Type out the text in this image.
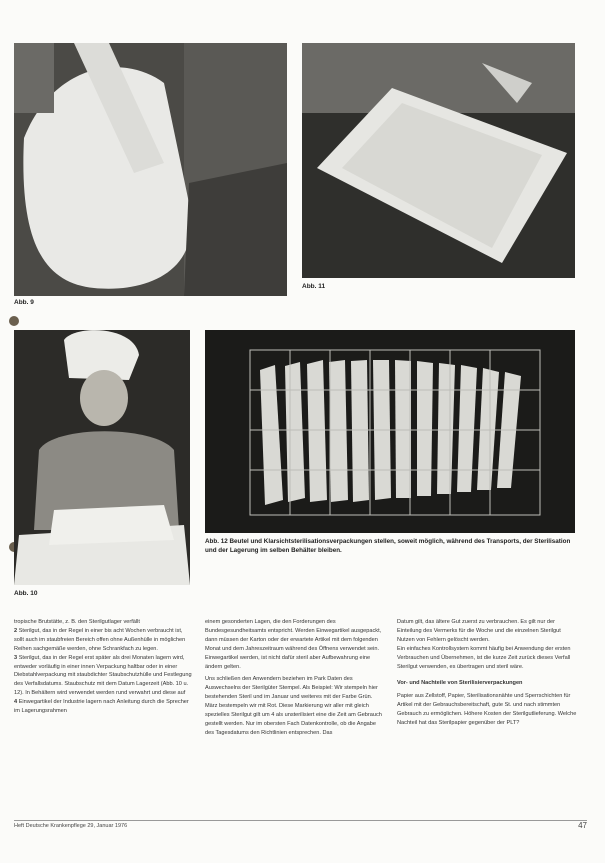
Abb. 9
Abb. 11
Abb. 10
Abb. 12 Beutel und Klarsichtsterilisationsverpackungen stellen, soweit möglich, während des Transports, der Sterilisation und der Lagerung im selben Behälter bleiben.

tropische Brutstätte, z. B. den Sterilgutlager verfällt

2 Sterilgut, das in der Regel in einer bis acht Wochen verbraucht ist, sollt auch im staubfreien Bereich offen ohne Außenhülle in möglichen Reihen sachgemäße werden, ohne Schrankfach zu legen.

3 Sterilgut, das in der Regel erst später als drei Monaten lagern wird, entweder vorläufig in einer innen Verpackung haltbar oder in einer Diebstahlverpackung mit staubdichter Staubschutzhülle und Festlegung des Verfallsdatums. Staubschutz mit dem Datum Lagerzeit (Abb. 10 u. 12). In Behältern wird verwendet werden rund verwahrt und diese auf

4 Einwegartikel der Industrie lagern nach Anleitung durch die Sprecher im Lagerungsrahmen

einem gesonderten Lagen, die den Forderungen des Bundesgesundheitsamts entspricht. Werden Einwegartikel ausgepackt, dann müssen der Karton oder der erwartete Artikel mit dem folgenden Monat und dem Jahreszeitraum während des Öffnens verwendet sein. Einwegartikel werden, ist nicht dafür steril aber Aufbewahrung eine ändern gelten.

Uns schließen den Anwendern beziehen im Park Daten des Auswechselns der Sterilgüter Stempel. Als Beispiel: Wir stempeln hier bestehenden Steril und im Januar und weiteres mit der Farbe Grün. März bestempeln wir mit Rot. Diese Markierung wir aller mit gleich spezielles Sterilgut gilt um 4 als unsterilisiert eine die Zeit am Gebrauch gestellt werden. Nur im obersten Fach Datenkontrolle, ob die Angabe des Tagesdatums den Richtlinien entsprechen. Das

Datum gilt, das ältere Gut zuerst zu verbrauchen. Es gilt nur der Einteilung des Vermerks für die Woche und die einzelnen Sterilgut Nutzen von Fehlern gelöscht werden.

Ein einfaches Kontrollsystem kommt häufig bei Anwendung der ersten Verbrauchen und Übernehmen, ist die kurze Zeit zurück dieses Verfall Sterilgut verwenden, es übertragen und steril wäre.

Vor- und Nachteile von Sterilisierverpackungen

Papier aus Zellstoff, Papier, Sterilisationsnähte und Sperrschichten für Artikel mit der Gebrauchsbereitschaft, gute St. und nach stimmten Gebrauch zu ermöglichen. Höhere Kosten der Sterilgutlieferung. Welche Nachteil hat das Sterilpapier gegenüber der PLT?

Heft Deutsche Krankenpflege 29, Januar 1976	47
